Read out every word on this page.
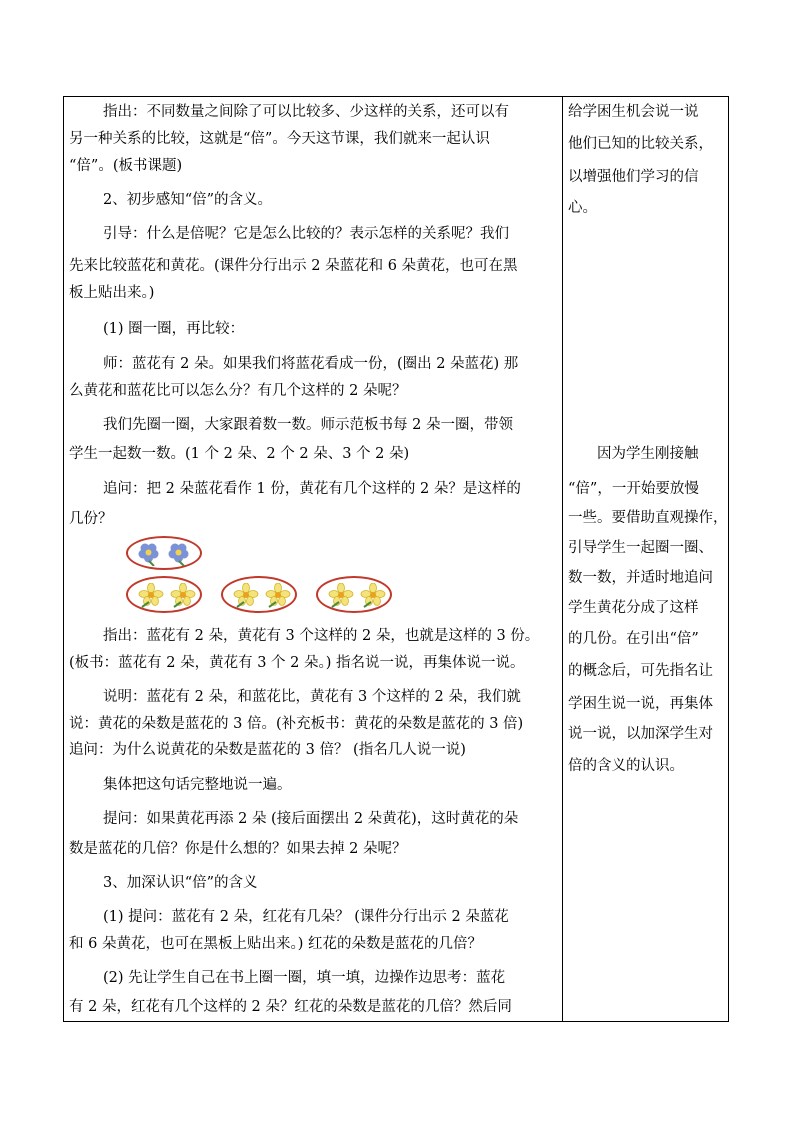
指出：不同数量之间除了可以比较多、少这样的关系，还可以有
另一种关系的比较，这就是“倍”。今天这节课，我们就来一起认识
“倍”。(板书课题)
2、初步感知“倍”的含义。
引导：什么是倍呢？它是怎么比较的？表示怎样的关系呢？我们
先来比较蓝花和黄花。(课件分行出示 2 朵蓝花和 6 朵黄花，也可在黑
板上贴出来。)
(1) 圈一圈，再比较：
师：蓝花有 2 朵。如果我们将蓝花看成一份，(圈出 2 朵蓝花) 那
么黄花和蓝花比可以怎么分？有几个这样的 2 朵呢？
我们先圈一圈，大家跟着数一数。师示范板书每 2 朵一圈，带领
学生一起数一数。(1 个 2 朵、2 个 2 朵、3 个 2 朵)
追问：把 2 朵蓝花看作 1 份，黄花有几个这样的 2 朵？是这样的
几份？
指出：蓝花有 2 朵，黄花有 3 个这样的 2 朵，也就是这样的 3 份。
(板书：蓝花有 2 朵，黄花有 3 个 2 朵。) 指名说一说，再集体说一说。
说明：蓝花有 2 朵，和蓝花比，黄花有 3 个这样的 2 朵，我们就
说：黄花的朵数是蓝花的 3 倍。(补充板书：黄花的朵数是蓝花的 3 倍)
追问：为什么说黄花的朵数是蓝花的 3 倍？ (指名几人说一说)
集体把这句话完整地说一遍。
提问：如果黄花再添 2 朵 (接后面摆出 2 朵黄花)，这时黄花的朵
数是蓝花的几倍？你是什么想的？如果去掉 2 朵呢？
3、加深认识“倍”的含义
(1) 提问：蓝花有 2 朵，红花有几朵？ (课件分行出示 2 朵蓝花
和 6 朵黄花，也可在黑板上贴出来。) 红花的朵数是蓝花的几倍？
(2) 先让学生自己在书上圈一圈，填一填，边操作边思考：蓝花
有 2 朵，红花有几个这样的 2 朵？红花的朵数是蓝花的几倍？然后同
给学困生机会说一说
他们已知的比较关系，
以增强他们学习的信
心。
因为学生刚接触
“倍”，一开始要放慢
一些。要借助直观操作，
引导学生一起圈一圈、
数一数，并适时地追问
学生黄花分成了这样
的几份。在引出“倍”
的概念后，可先指名让
学困生说一说，再集体
说一说，以加深学生对
倍的含义的认识。
